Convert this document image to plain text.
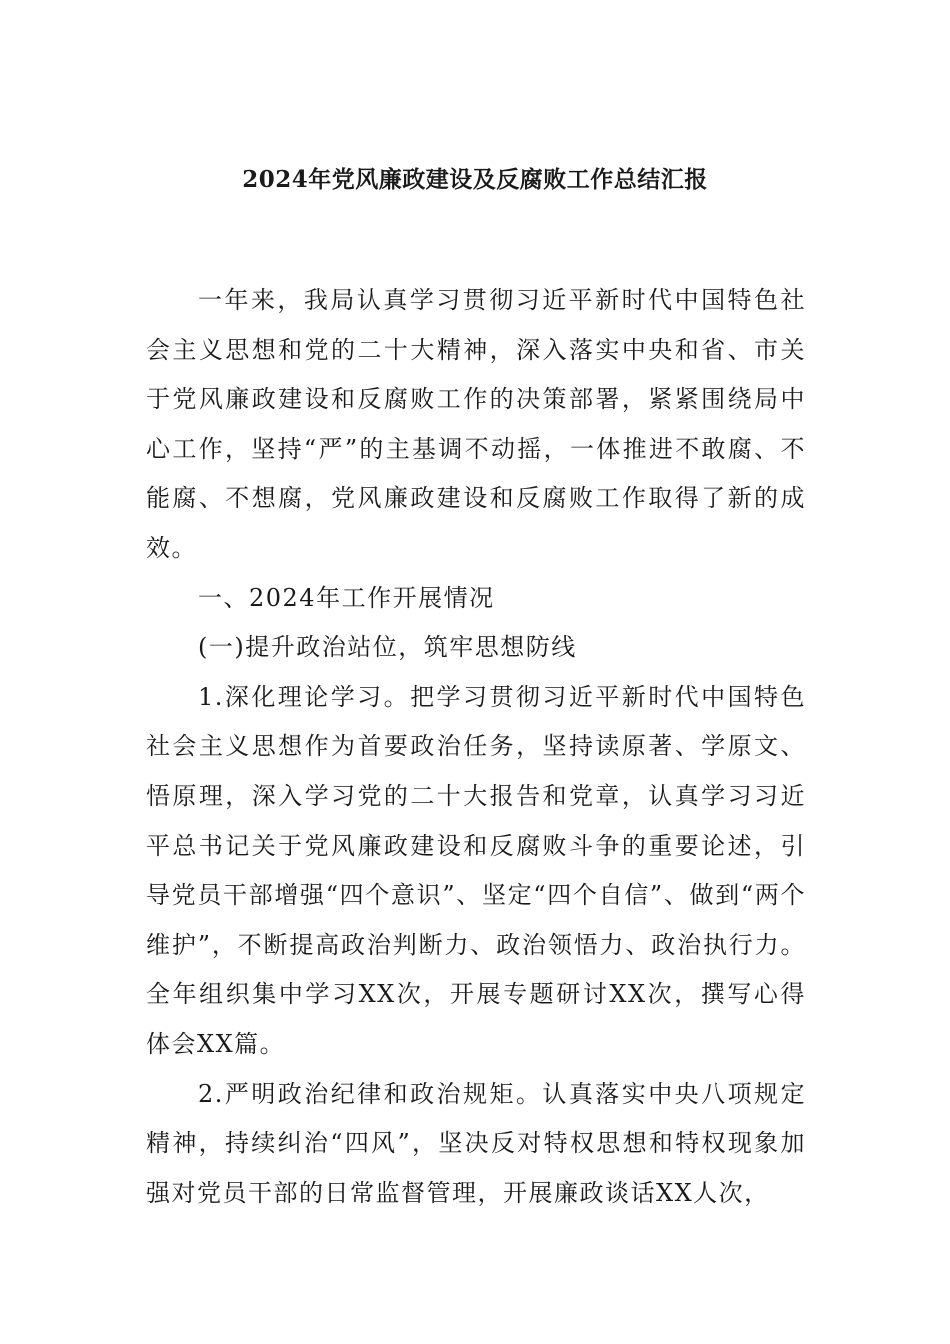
2024年党风廉政建设及反腐败工作总结汇报

一年来，我局认真学习贯彻习近平新时代中国特色社会主义思想和党的二十大精神，深入落实中央和省、市关于党风廉政建设和反腐败工作的决策部署，紧紧围绕局中心工作，坚持“严”的主基调不动摇，一体推进不敢腐、不能腐、不想腐，党风廉政建设和反腐败工作取得了新的成效。

一、2024年工作开展情况

(一)提升政治站位，筑牢思想防线

1.深化理论学习。把学习贯彻习近平新时代中国特色社会主义思想作为首要政治任务，坚持读原著、学原文、悟原理，深入学习党的二十大报告和党章，认真学习习近平总书记关于党风廉政建设和反腐败斗争的重要论述，引导党员干部增强“四个意识”、坚定“四个自信”、做到“两个维护”，不断提高政治判断力、政治领悟力、政治执行力。全年组织集中学习XX次，开展专题研讨XX次，撰写心得体会XX篇。

2.严明政治纪律和政治规矩。认真落实中央八项规定精神，持续纠治“四风”，坚决反对特权思想和特权现象加强对党员干部的日常监督管理，开展廉政谈话XX人次，
